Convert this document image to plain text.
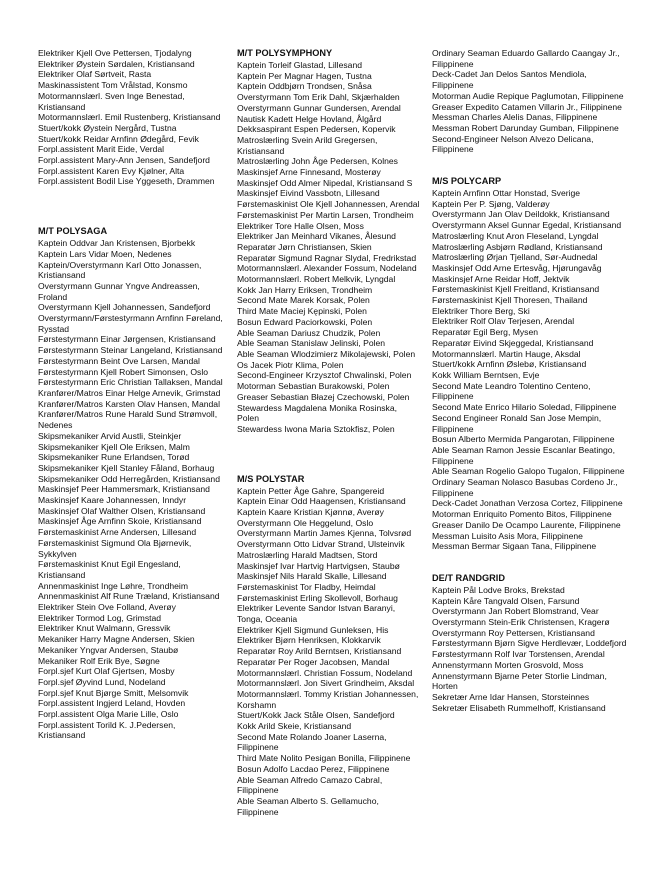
Elektriker Kjell Ove Pettersen, Tjodalyng
Elektriker Øystein Sørdalen, Kristiansand
Elektriker Olaf Sørtveit, Rasta
Maskinassistent Tom Vrålstad, Konsmo
Motormannslærl. Sven Inge Benestad, Kristiansand
Motormannslærl. Emil Rustenberg, Kristiansand
Stuert/kokk Øystein Nergård, Tustna
Stuert/kokk Reidar Arnfinn Ødegård, Fevik
Forpl.assistent Marit Eide, Verdal
Forpl.assistent Mary-Ann Jensen, Sandefjord
Forpl.assistent Karen Evy Kjølner, Alta
Forpl.assistent Bodil Lise Yggeseth, Drammen
M/T POLYSAGA
Kaptein Oddvar Jan Kristensen, Bjorbekk
Kaptein Lars Vidar Moen, Nedenes
Kaptein/Overstyrmann Karl Otto Jonassen, Kristiansand
Overstyrmann Gunnar Yngve Andreassen, Froland
Overstyrmann Kjell Johannessen, Sandefjord
Overstyrmann/Førstestyrmann Arnfinn Føreland, Rysstad
Førstestyrmann Einar Jørgensen, Kristiansand
Førstestyrmann Steinar Langeland, Kristiansand
Førstestyrmann Beint Ove Larsen, Mandal
Førstestyrmann Kjell Robert Simonsen, Oslo
Førstestyrmann Eric Christian Tallaksen, Mandal
Kranfører/Matros Einar Helge Arnevik, Grimstad
Kranfører/Matros Karsten Olav Hansen, Mandal
Kranfører/Matros Rune Harald Sund Strømvoll, Nedenes
Skipsmekaniker Arvid Austli, Steinkjer
Skipsmekaniker Kjell Ole Eriksen, Malm
Skipsmekaniker Rune Erlandsen, Torød
Skipsmekaniker Kjell Stanley Fåland, Borhaug
Skipsmekaniker Odd Herregården, Kristiansand
Maskinsjef Peer Hammersmark, Kristiansand
Maskinsjef Kaare Johannessen, Inndyr
Maskinsjef Olaf Walther Olsen, Kristiansand
Maskinsjef Åge Arnfinn Skoie, Kristiansand
Førstemaskinist Arne Andersen, Lillesand
Førstemaskinist Sigmund Ola Bjørnevik, Sykkylven
Førstemaskinist Knut Egil Engesland, Kristiansand
Annenmaskinist Inge Løhre, Trondheim
Annenmaskinist Alf Rune Træland, Kristiansand
Elektriker Stein Ove Folland, Averøy
Elektriker Tormod Log, Grimstad
Elektriker Knut Walmann, Gressvik
Mekaniker Harry Magne Andersen, Skien
Mekaniker Yngvar Andersen, Staubø
Mekaniker Rolf Erik Bye, Søgne
Forpl.sjef Kurt Olaf Gjertsen, Mosby
Forpl.sjef Øyvind Lund, Nodeland
Forpl.sjef Knut Bjørge Smitt, Melsomvik
Forpl.assistent Ingjerd Leland, Hovden
Forpl.assistent Olga Marie Lille, Oslo
Forpl.assistent Torild K. J.Pedersen, Kristiansand
M/T POLYSYMPHONY
Kaptein Torleif Glastad, Lillesand
Kaptein Per Magnar Hagen, Tustna
Kaptein Oddbjørn Trondsen, Snåsa
Overstyrmann Tom Erik Dahl, Skjærhalden
Overstyrmann Gunnar Gundersen, Arendal
Nautisk Kadett Helge Hovland, Ålgård
Dekksaspirant Espen Pedersen, Kopervik
Matroslærling Svein Arild Gregersen, Kristiansand
Matroslærling John Åge Pedersen, Kolnes
Maskinsjef Arne Finnesand, Mosterøy
Maskinsjef Odd Almer Nipedal, Kristiansand S
Maskinsjef Eivind Vassbotn, Lillesand
Førstemaskinist Ole Kjell Johannessen, Arendal
Førstemaskinist Per Martin Larsen, Trondheim
Elektriker Tore Halle Olsen, Moss
Elektriker Jan Meinhard Vikanes, Ålesund
Reparatør Jørn Christiansen, Skien
Reparatør Sigmund Ragnar Slydal, Fredrikstad
Motormannslærl. Alexander Fossum, Nodeland
Motormannslærl. Robert Melkvik, Lyngdal
Kokk Jan Harry Eriksen, Trondheim
Second Mate Marek Korsak, Polen
Third Mate Maciej Kępinski, Polen
Bosun Edward Paciorkowski, Polen
Able Seaman Dariusz Chudzik, Polen
Able Seaman Stanislaw Jelinski, Polen
Able Seaman Wlodzimierz Mikolajewski, Polen
Os Jacek Piotr Klima, Polen
Second-Engineer Krzysztof Chwalinski, Polen
Motorman Sebastian Burakowski, Polen
Greaser Sebastian Błazej Czechowski, Polen
Stewardess Magdalena Monika Rosinska, Polen
Stewardess Iwona Maria Sztokfisz, Polen
M/S POLYSTAR
Kaptein Petter Åge Gahre, Spangereid
Kaptein Einar Odd Haagensen, Kristiansand
Kaptein Kaare Kristian Kjønnø, Averøy
Overstyrmann Ole Heggelund, Oslo
Overstyrmann Martin James Kjenna, Tolvsrød
Overstyrmann Otto Lidvar Strand, Ulsteinvik
Matroslærling Harald Madtsen, Stord
Maskinsjef Ivar Hartvig Hartvigsen, Staubø
Maskinsjef Nils Harald Skalle, Lillesand
Førstemaskinist Tor Fladby, Heimdal
Førstemaskinist Erling Skollevoll, Borhaug
Elektriker Levente Sandor Istvan Baranyi, Tonga, Oceania
Elektriker Kjell Sigmund Gunleksen, His
Elektriker Bjørn Henriksen, Klokkarvik
Reparatør Roy Arild Berntsen, Kristiansand
Reparatør Per Roger Jacobsen, Mandal
Motormannslærl. Christian Fossum, Nodeland
Motormannslærl. Jon Sivert Grindheim, Aksdal
Motormannslærl. Tommy Kristian Johannessen, Korshamn
Stuert/Kokk Jack Ståle Olsen, Sandefjord
Kokk Arild Skeie, Kristiansand
Second Mate Rolando Joaner Laserna, Filippinene
Third Mate Nolito Pesigan Bonilla, Filippinene
Bosun Adolfo Lacdao Perez, Filippinene
Able Seaman Alfredo Camazo Cabral, Filippinene
Able Seaman Alberto S. Gellamucho, Filippinene
Ordinary Seaman Eduardo Gallardo Caangay Jr., Filippinene
Deck-Cadet Jan Delos Santos Mendiola, Filippinene
Motorman Audie Repique Paglumotan, Filippinene
Greaser Expedito Catamen Villarin Jr., Filippinene
Messman Charles Alelis Danas, Filippinene
Messman Robert Darunday Gumban, Filippinene
Second-Engineer Nelson Alvezo Delicana, Filippinene
M/S POLYCARP
Kaptein Arnfinn Ottar Honstad, Sverige
Kaptein Per P. Sjøng, Valderøy
Overstyrmann Jan Olav Deildokk, Kristiansand
Overstyrmann Aksel Gunnar Egedal, Kristiansand
Matroslærling Knut Aron Fleseland, Lyngdal
Matroslærling Asbjørn Rødland, Kristiansand
Matroslærling Ørjan Tjelland, Sør-Audnedal
Maskinsjef Odd Arne Ertesvåg, Hjørungavåg
Maskinsjef Arne Reidar Hoff, Jektvik
Førstemaskinist Kjell Freitland, Kristiansand
Førstemaskinist Kjell Thoresen, Thailand
Elektriker Thore Berg, Ski
Elektriker Rolf Olav Terjesen, Arendal
Reparatør Egil Berg, Mysen
Reparatør Eivind Skjeggedal, Kristiansand
Motormannslærl. Martin Hauge, Aksdal
Stuert/kokk Arnfinn Øslebø, Kristiansand
Kokk William Berntsen, Evje
Second Mate Leandro Tolentino Centeno, Filippinene
Second Mate Enrico Hilario Soledad, Filippinene
Second Engineer Ronald San Jose Mempin, Filippinene
Bosun Alberto Mermida Pangarotan, Filippinene
Able Seaman Ramon Jessie Escanlar Beatingo, Filippinene
Able Seaman Rogelio Galopo Tugalon, Filippinene
Ordinary Seaman Nolasco Basubas Cordeno Jr., Filippinene
Deck-Cadet Jonathan Verzosa Cortez, Filippinene
Motorman Enriquito Pomento Bitos, Filippinene
Greaser Danilo De Ocampo Laurente, Filippinene
Messman Luisito Asis Mora, Filippinene
Messman Bermar Sigaan Tana, Filippinene
DE/T RANDGRID
Kaptein Pål Lodve Broks, Brekstad
Kaptein Kåre Tangvald Olsen, Farsund
Overstyrmann Jan Robert Blomstrand, Vear
Overstyrmann Stein-Erik Christensen, Kragerø
Overstyrmann Roy Pettersen, Kristiansand
Førstestyrmann Bjørn Sigve Herdlevær, Loddefjord
Førstestyrmann Rolf Ivar Torstensen, Arendal
Annenstyrmann Morten Grosvold, Moss
Annenstyrmann Bjarne Peter Storlie Lindman, Horten
Sekretær Arne Idar Hansen, Storsteinnes
Sekretær Elisabeth Rummelhoff, Kristiansand
